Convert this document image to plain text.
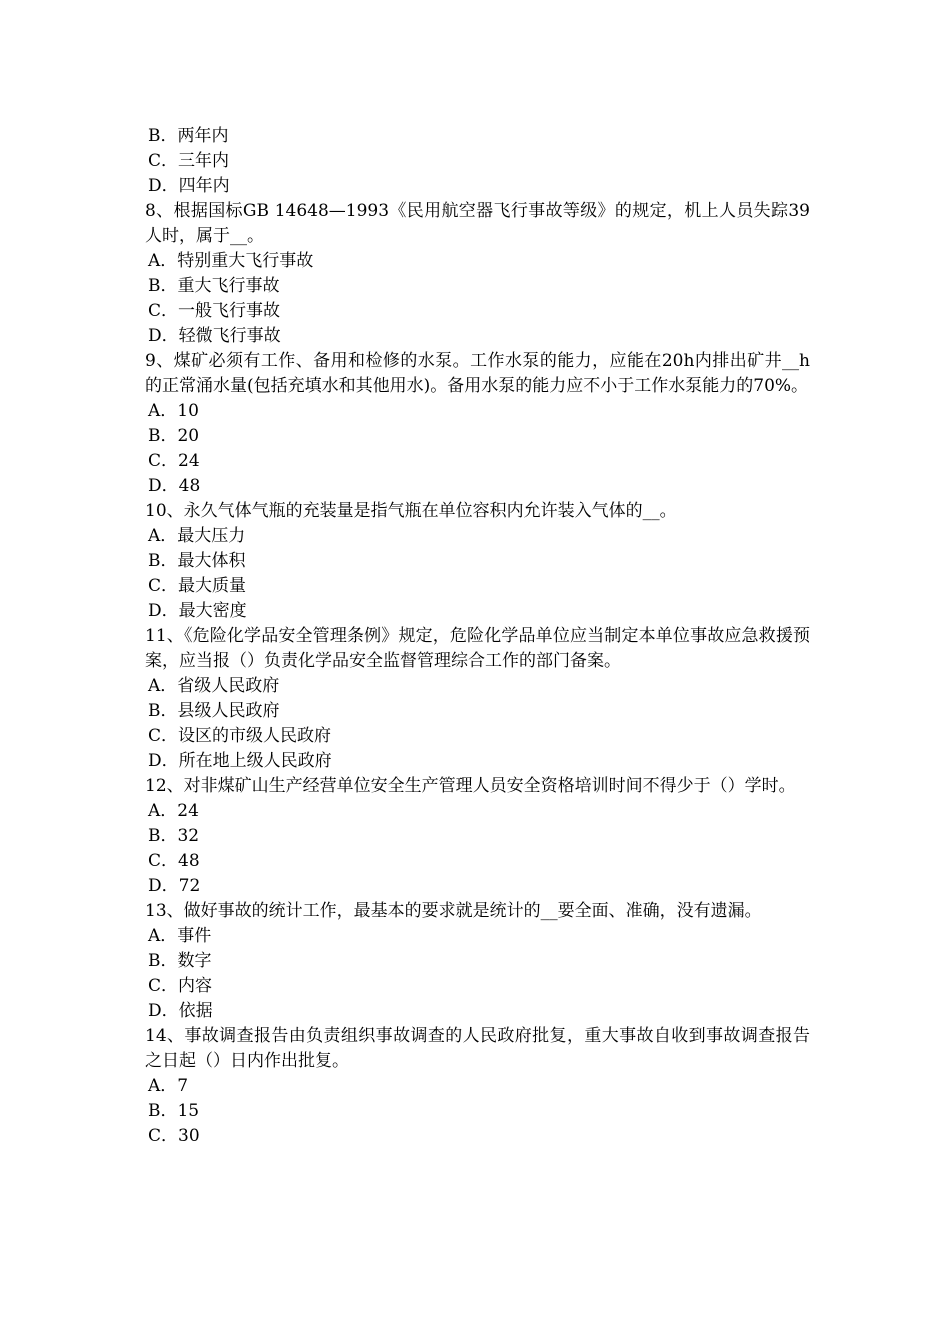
B．两年内

C．三年内

D．四年内

8、根据国标GB 14648—1993《民用航空器飞行事故等级》的规定，机上人员失踪39人时，属于__。

A．特别重大飞行事故

B．重大飞行事故

C．一般飞行事故

D．轻微飞行事故

9、煤矿必须有工作、备用和检修的水泵。工作水泵的能力，应能在20h内排出矿井__h的正常涌水量(包括充填水和其他用水)。备用水泵的能力应不小于工作水泵能力的70%。

A．10

B．20

C．24

D．48

10、永久气体气瓶的充装量是指气瓶在单位容积内允许装入气体的__。

A．最大压力

B．最大体积

C．最大质量

D．最大密度

11、《危险化学品安全管理条例》规定，危险化学品单位应当制定本单位事故应急救援预案，应当报（）负责化学品安全监督管理综合工作的部门备案。

A．省级人民政府

B．县级人民政府

C．设区的市级人民政府

D．所在地上级人民政府

12、对非煤矿山生产经营单位安全生产管理人员安全资格培训时间不得少于（）学时。

A．24

B．32

C．48

D．72

13、做好事故的统计工作，最基本的要求就是统计的__要全面、准确，没有遗漏。

A．事件

B．数字

C．内容

D．依据

14、事故调查报告由负责组织事故调查的人民政府批复，重大事故自收到事故调查报告之日起（）日内作出批复。

A．7

B．15

C．30
